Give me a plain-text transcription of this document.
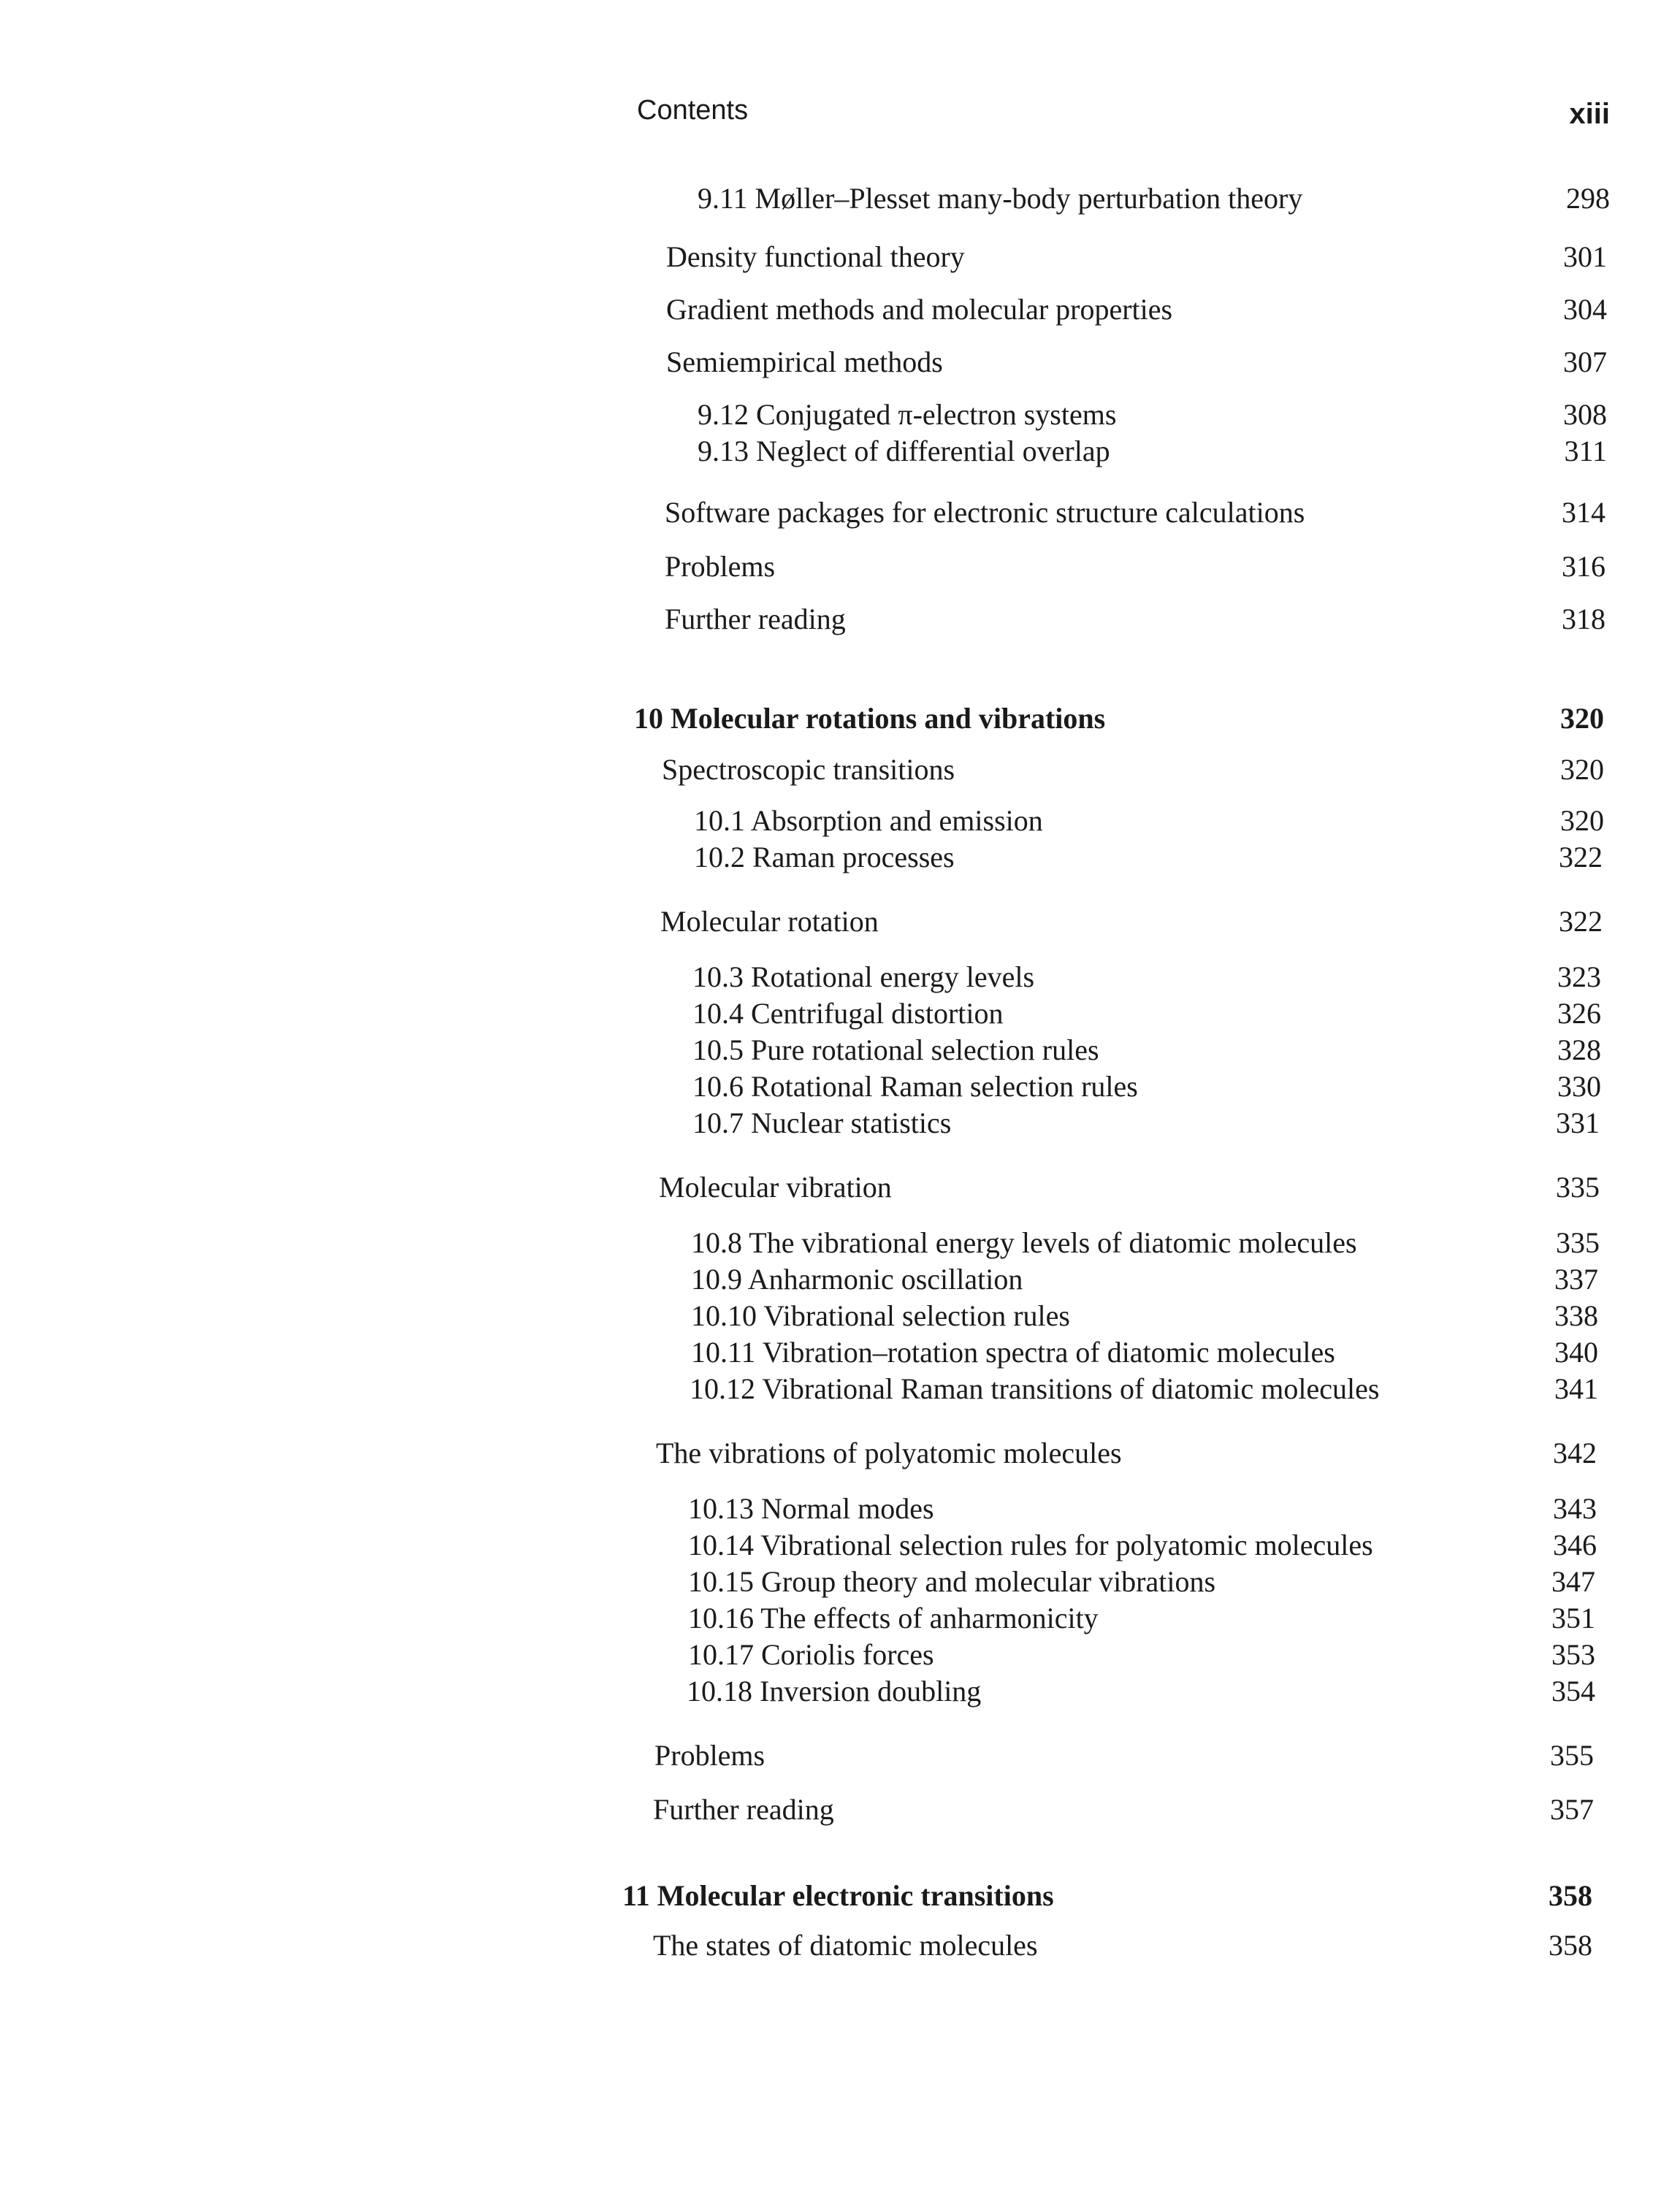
Contents	xiii
9.11 Møller–Plesset many-body perturbation theory	298
Density functional theory	301
Gradient methods and molecular properties	304
Semiempirical methods	307
9.12 Conjugated π-electron systems	308
9.13 Neglect of differential overlap	311
Software packages for electronic structure calculations	314
Problems	316
Further reading	318
10 Molecular rotations and vibrations	320
Spectroscopic transitions	320
10.1 Absorption and emission	320
10.2 Raman processes	322
Molecular rotation	322
10.3 Rotational energy levels	323
10.4 Centrifugal distortion	326
10.5 Pure rotational selection rules	328
10.6 Rotational Raman selection rules	330
10.7 Nuclear statistics	331
Molecular vibration	335
10.8 The vibrational energy levels of diatomic molecules	335
10.9 Anharmonic oscillation	337
10.10 Vibrational selection rules	338
10.11 Vibration–rotation spectra of diatomic molecules	340
10.12 Vibrational Raman transitions of diatomic molecules	341
The vibrations of polyatomic molecules	342
10.13 Normal modes	343
10.14 Vibrational selection rules for polyatomic molecules	346
10.15 Group theory and molecular vibrations	347
10.16 The effects of anharmonicity	351
10.17 Coriolis forces	353
10.18 Inversion doubling	354
Problems	355
Further reading	357
11 Molecular electronic transitions	358
The states of diatomic molecules	358
